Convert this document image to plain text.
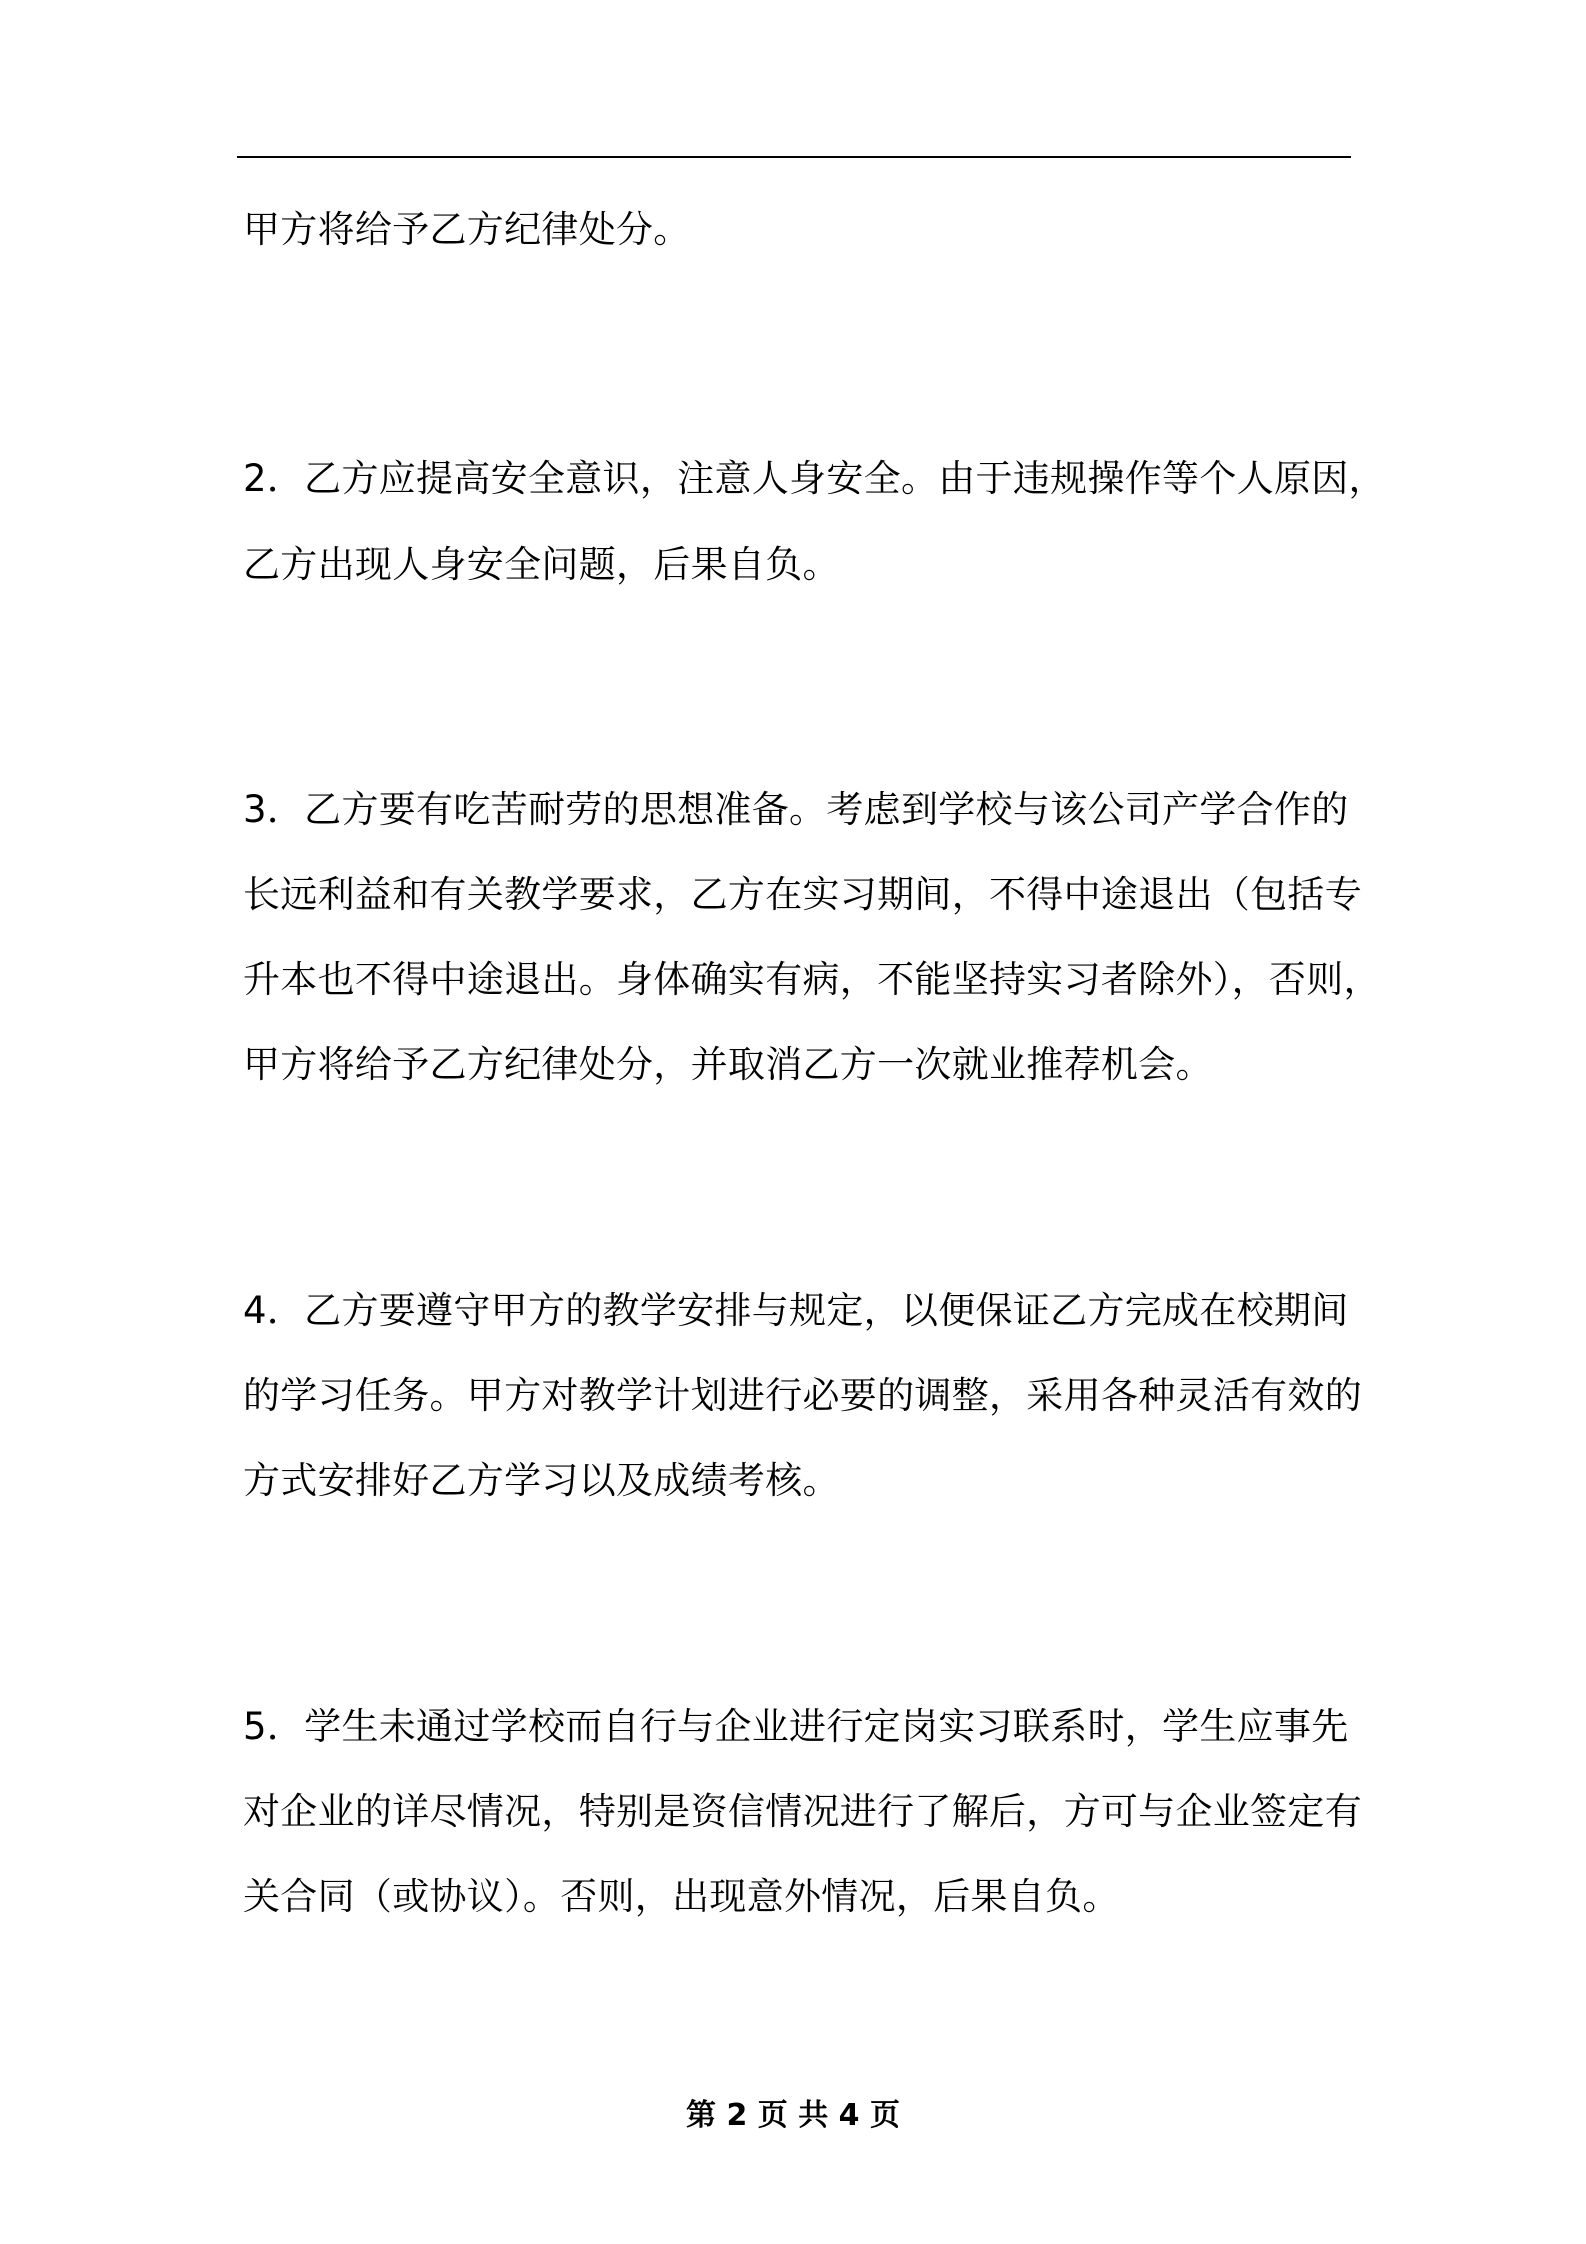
甲方将给予乙方纪律处分。
2．乙方应提高安全意识，注意人身安全。由于违规操作等个人原因，
乙方出现人身安全问题，后果自负。
3．乙方要有吃苦耐劳的思想准备。考虑到学校与该公司产学合作的
长远利益和有关教学要求，乙方在实习期间，不得中途退出（包括专
升本也不得中途退出。身体确实有病，不能坚持实习者除外），否则，
甲方将给予乙方纪律处分，并取消乙方一次就业推荐机会。
4．乙方要遵守甲方的教学安排与规定，以便保证乙方完成在校期间
的学习任务。甲方对教学计划进行必要的调整，采用各种灵活有效的
方式安排好乙方学习以及成绩考核。
5．学生未通过学校而自行与企业进行定岗实习联系时，学生应事先
对企业的详尽情况，特别是资信情况进行了解后，方可与企业签定有
关合同（或协议）。否则，出现意外情况，后果自负。
第 2 页 共 4 页
